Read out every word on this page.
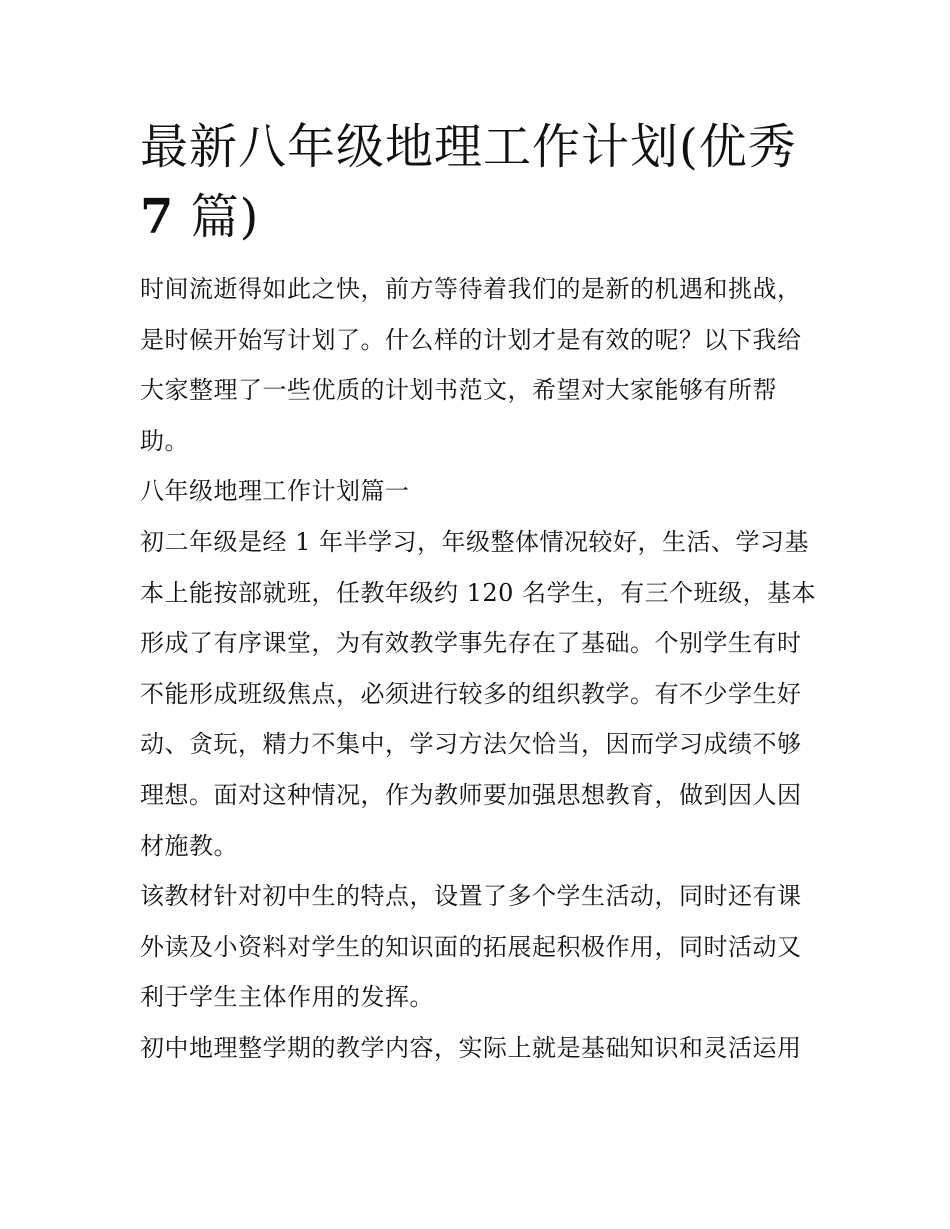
最新八年级地理工作计划(优秀
7 篇)

时间流逝得如此之快，前方等待着我们的是新的机遇和挑战，
是时候开始写计划了。什么样的计划才是有效的呢？以下我给
大家整理了一些优质的计划书范文，希望对大家能够有所帮
助。

八年级地理工作计划篇一

初二年级是经 1 年半学习，年级整体情况较好，生活、学习基
本上能按部就班，任教年级约 120 名学生，有三个班级，基本
形成了有序课堂，为有效教学事先存在了基础。个别学生有时
不能形成班级焦点，必须进行较多的组织教学。有不少学生好
动、贪玩，精力不集中，学习方法欠恰当，因而学习成绩不够
理想。面对这种情况，作为教师要加强思想教育，做到因人因
材施教。

该教材针对初中生的特点，设置了多个学生活动，同时还有课
外读及小资料对学生的知识面的拓展起积极作用，同时活动又
利于学生主体作用的发挥。

初中地理整学期的教学内容，实际上就是基础知识和灵活运用
